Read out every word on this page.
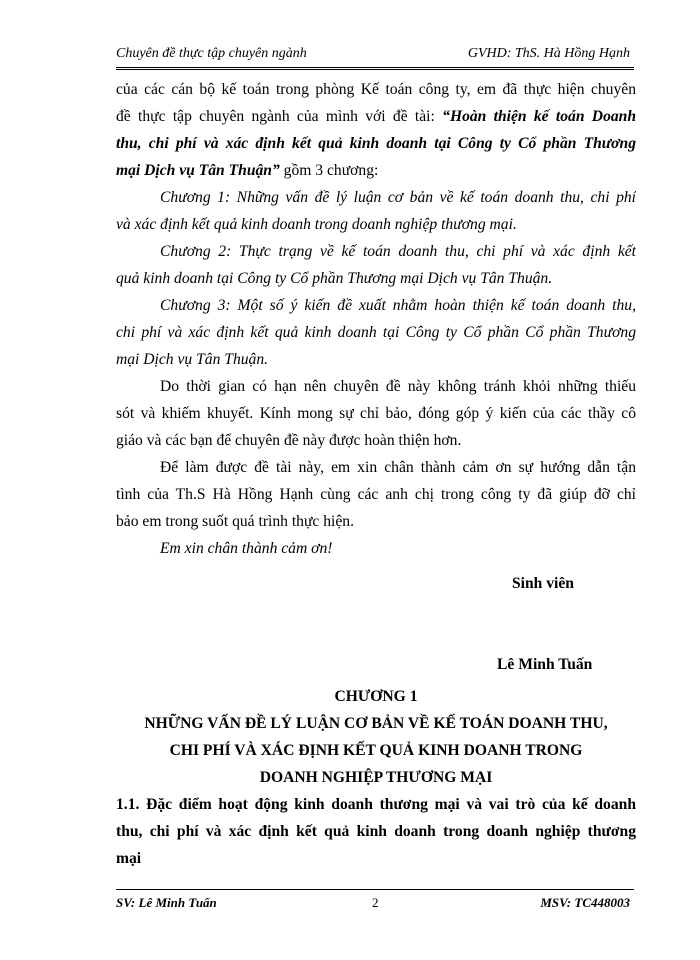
Chuyên đề thực tập chuyên ngành	GVHD: ThS. Hà Hồng Hạnh
của các cán bộ kế toán trong phòng Kế toán công ty, em đã thực hiện chuyên
đề thực tập chuyên ngành của mình với đề tài: “Hoàn thiện kế toán Doanh
thu, chi phí và xác định kết quả kinh doanh tại Công ty Cổ phần Thương
mại Dịch vụ Tân Thuận” gồm 3 chương:
Chương 1: Những vấn đề lý luận cơ bản về kế toán doanh thu, chi phí
và xác định kết quả kinh doanh trong doanh nghiệp thương mại.
Chương 2: Thực trạng về kế toán doanh thu, chi phí và xác định kết
quả kinh doanh tại Công ty Cổ phần Thương mại Dịch vụ Tân Thuận.
Chương 3: Một số ý kiến đề xuất nhằm hoàn thiện kế toán doanh thu,
chi phí và xác định kết quả kinh doanh tại Công ty Cổ phần Cổ phần Thương
mại Dịch vụ Tân Thuận.
Do thời gian có hạn nên chuyên đề này không tránh khỏi những thiếu
sót và khiếm khuyết. Kính mong sự chỉ bảo, đóng góp ý kiến của các thầy cô
giáo và các bạn để chuyên đề này được hoàn thiện hơn.
Để làm được đề tài này, em xin chân thành cảm ơn sự hướng dẫn tận
tình của Th.S Hà Hồng Hạnh cùng các anh chị trong công ty đã giúp đỡ chỉ
bảo em trong suốt quá trình thực hiện.
Em xin chân thành cảm ơn!
Sinh viên
Lê Minh Tuấn
CHƯƠNG 1
NHỮNG VẤN ĐỀ LÝ LUẬN CƠ BẢN VỀ KẾ TOÁN DOANH THU,
CHI PHÍ VÀ XÁC ĐỊNH KẾT QUẢ KINH DOANH TRONG
DOANH NGHIỆP THƯƠNG MẠI
1.1. Đặc điểm hoạt động kinh doanh thương mại và vai trò của kế doanh
thu, chi phí và xác định kết quả kinh doanh trong doanh nghiệp thương
mại
SV: Lê Minh Tuấn	2	MSV: TC448003
